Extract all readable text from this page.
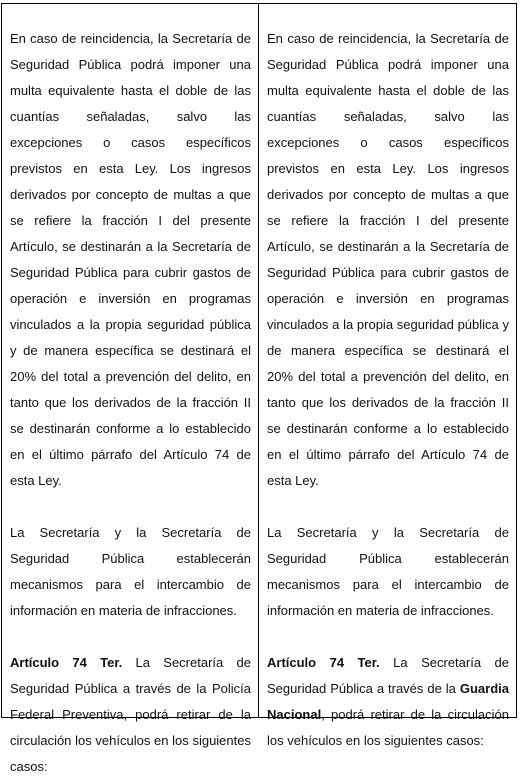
En caso de reincidencia, la Secretaría de Seguridad Pública podrá imponer una multa equivalente hasta el doble de las cuantías señaladas, salvo las excepciones o casos específicos previstos en esta Ley. Los ingresos derivados por concepto de multas a que se refiere la fracción I del presente Artículo, se destinarán a la Secretaría de Seguridad Pública para cubrir gastos de operación e inversión en programas vinculados a la propia seguridad pública y de manera específica se destinará el 20% del total a prevención del delito, en tanto que los derivados de la fracción II se destinarán conforme a lo establecido en el último párrafo del Artículo 74 de esta Ley.

La Secretaría y la Secretaría de Seguridad Pública establecerán mecanismos para el intercambio de información en materia de infracciones.

Artículo 74 Ter. La Secretaría de Seguridad Pública a través de la Policía Federal Preventiva, podrá retirar de la circulación los vehículos en los siguientes casos:

En caso de reincidencia, la Secretaría de Seguridad Pública podrá imponer una multa equivalente hasta el doble de las cuantías señaladas, salvo las excepciones o casos específicos previstos en esta Ley. Los ingresos derivados por concepto de multas a que se refiere la fracción I del presente Artículo, se destinarán a la Secretaría de Seguridad Pública para cubrir gastos de operación e inversión en programas vinculados a la propia seguridad pública y de manera específica se destinará el 20% del total a prevención del delito, en tanto que los derivados de la fracción II se destinarán conforme a lo establecido en el último párrafo del Artículo 74 de esta Ley.

La Secretaría y la Secretaría de Seguridad Pública establecerán mecanismos para el intercambio de información en materia de infracciones.

Artículo 74 Ter. La Secretaría de Seguridad Pública a través de la Guardia Nacional, podrá retirar de la circulación los vehículos en los siguientes casos:
